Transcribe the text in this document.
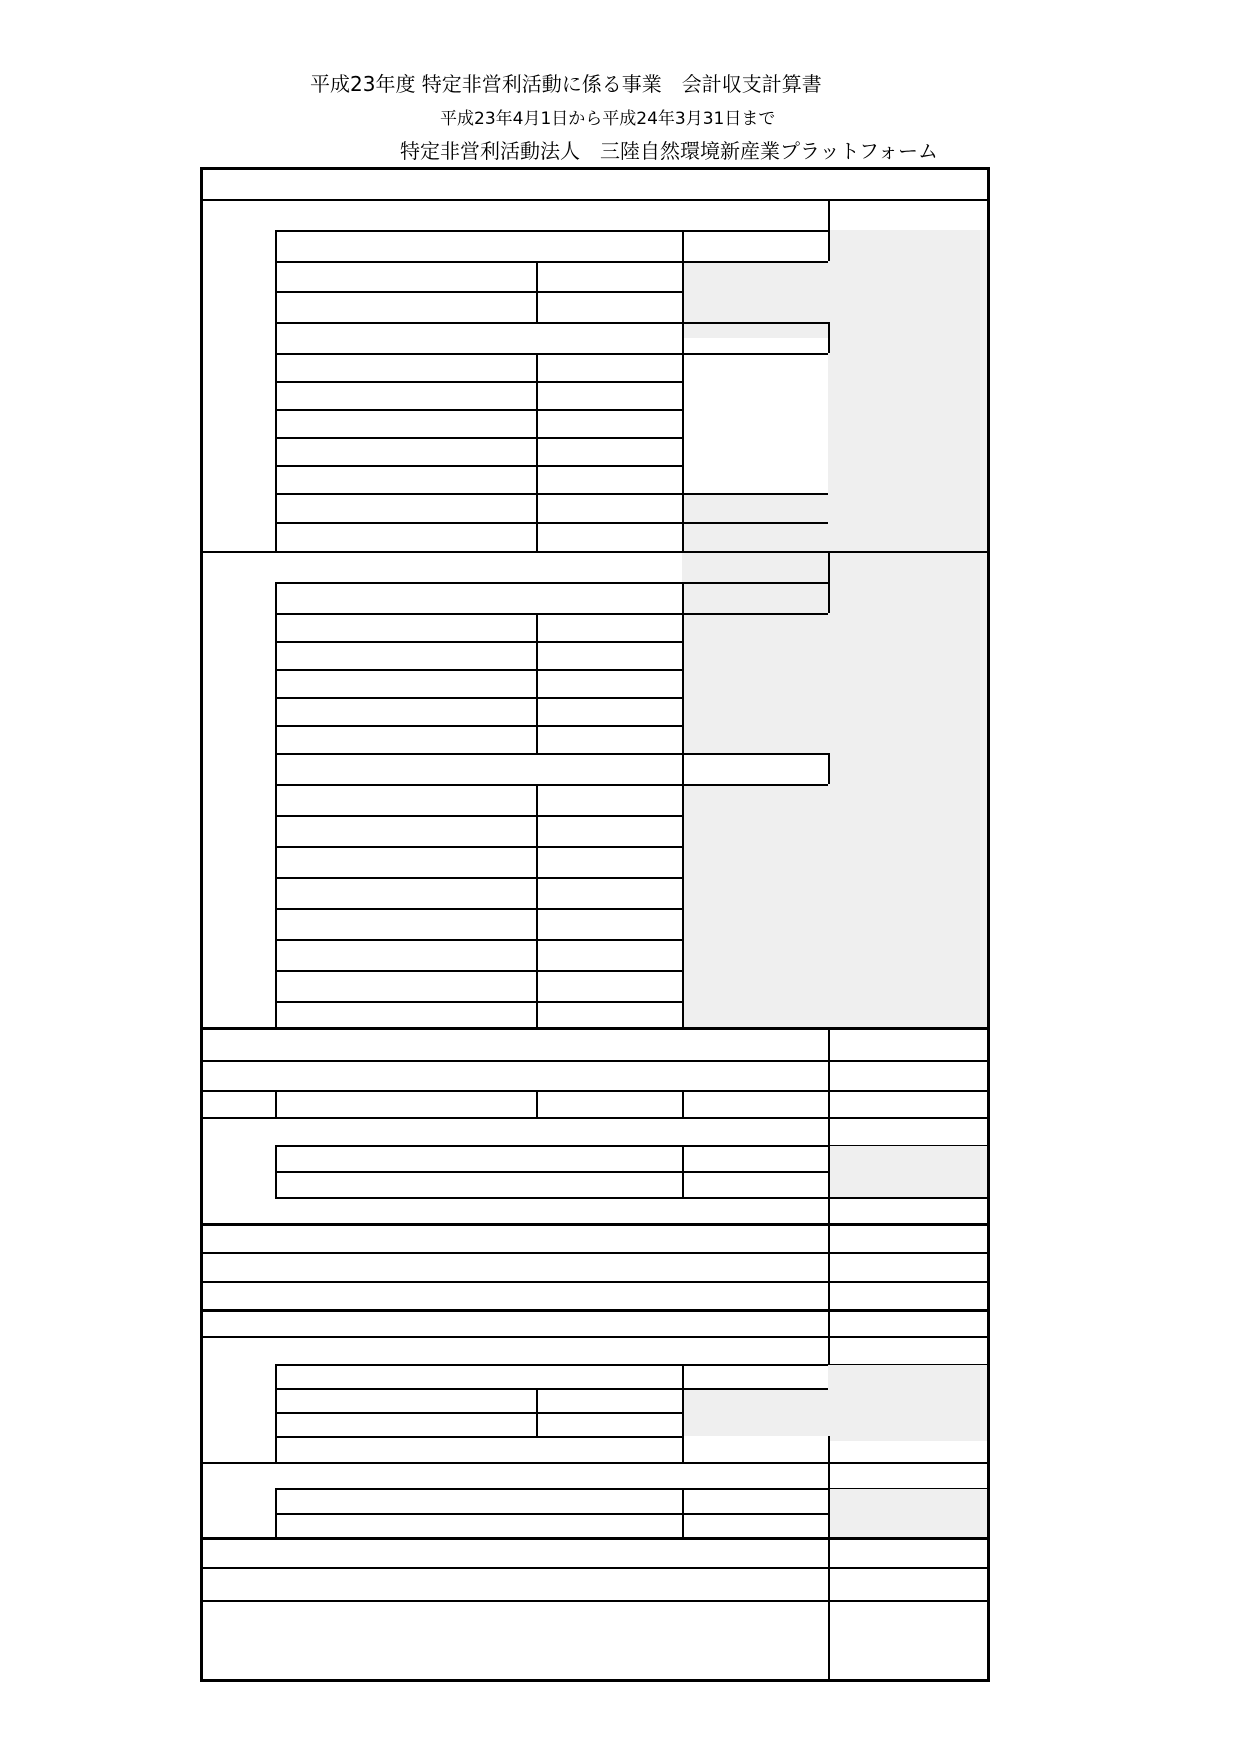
平成23年度 特定非営利活動に係る事業　会計収支計算書
平成23年4月1日から平成24年3月31日まで
特定非営利活動法人　三陸自然環境新産業プラットフォーム
